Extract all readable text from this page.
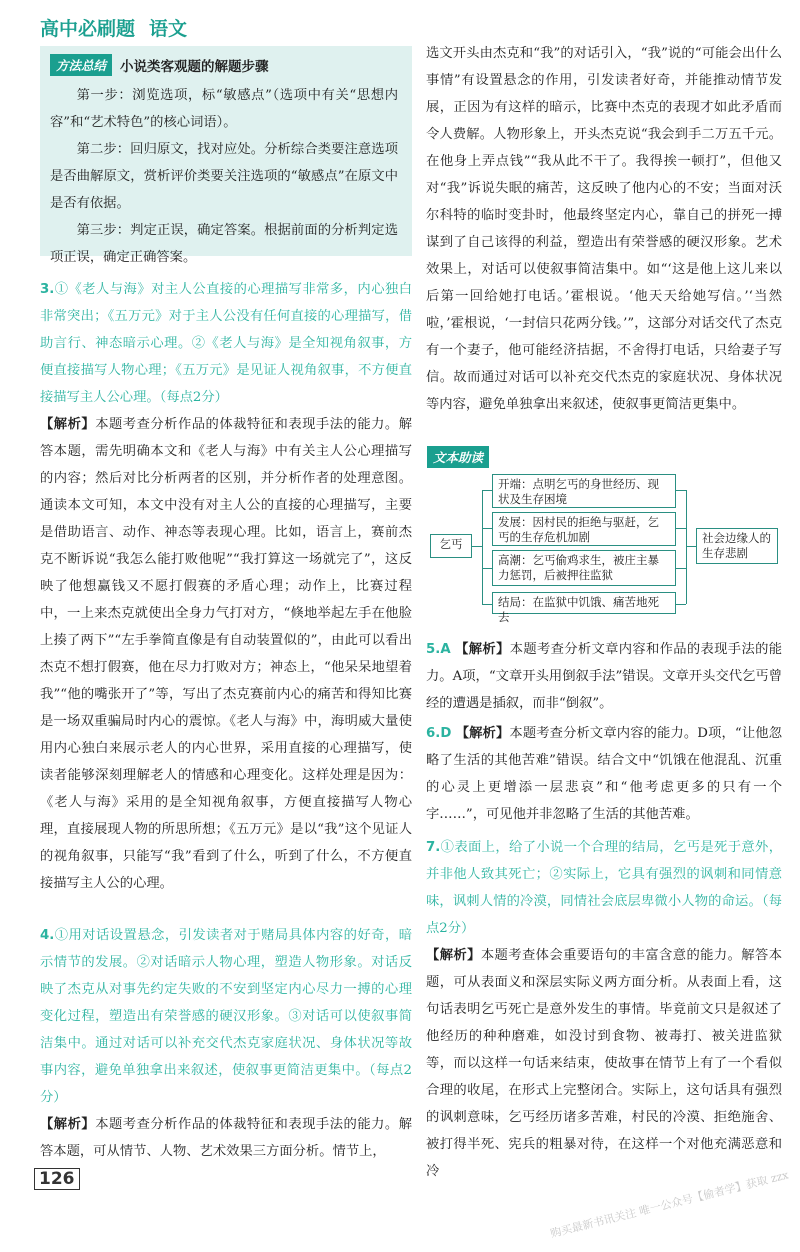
高中必刷题 语文
方法总结	小说类客观题的解题步骤

第一步：浏览选项，标“敏感点”（选项中有关“思想内容”和“艺术特色”的核心词语）。

第二步：回归原文，找对应处。分析综合类要注意选项是否曲解原文，赏析评价类要关注选项的“敏感点”在原文中是否有依据。

第三步：判定正误，确定答案。根据前面的分析判定选项正误，确定正确答案。

3.①《老人与海》对主人公直接的心理描写非常多，内心独白非常突出；《五万元》对于主人公没有任何直接的心理描写，借助言行、神态暗示心理。②《老人与海》是全知视角叙事，方便直接描写人物心理；《五万元》是见证人视角叙事，不方便直接描写主人公心理。（每点2分）

【解析】本题考查分析作品的体裁特征和表现手法的能力。解答本题，需先明确本文和《老人与海》中有关主人公心理描写的内容；然后对比分析两者的区别，并分析作者的处理意图。通读本文可知，本文中没有对主人公的直接的心理描写，主要是借助语言、动作、神态等表现心理。比如，语言上，赛前杰克不断诉说“我怎么能打败他呢”“我打算这一场就完了”，这反映了他想赢钱又不愿打假赛的矛盾心理；动作上，比赛过程中，一上来杰克就使出全身力气打对方，“倏地举起左手在他脸上揍了两下”“左手拳简直像是有自动装置似的”，由此可以看出杰克不想打假赛，他在尽力打败对方；神态上，“他呆呆地望着我”“他的嘴张开了”等，写出了杰克赛前内心的痛苦和得知比赛是一场双重骗局时内心的震惊。《老人与海》中，海明威大量使用内心独白来展示老人的内心世界，采用直接的心理描写，使读者能够深刻理解老人的情感和心理变化。这样处理是因为：《老人与海》采用的是全知视角叙事，方便直接描写人物心理，直接展现人物的所思所想；《五万元》是以“我”这个见证人的视角叙事，只能写“我”看到了什么，听到了什么，不方便直接描写主人公的心理。

4.①用对话设置悬念，引发读者对于赌局具体内容的好奇，暗示情节的发展。②对话暗示人物心理，塑造人物形象。对话反映了杰克从对事先约定失败的不安到坚定内心尽力一搏的心理变化过程，塑造出有荣誉感的硬汉形象。③对话可以使叙事简洁集中。通过对话可以补充交代杰克家庭状况、身体状况等故事内容，避免单独拿出来叙述，使叙事更简洁更集中。（每点2分）

【解析】本题考查分析作品的体裁特征和表现手法的能力。解答本题，可从情节、人物、艺术效果三方面分析。情节上，

选文开头由杰克和“我”的对话引入，“我”说的“可能会出什么事情”有设置悬念的作用，引发读者好奇，并能推动情节发展，正因为有这样的暗示，比赛中杰克的表现才如此矛盾而令人费解。人物形象上，开头杰克说“我会到手二万五千元。在他身上弄点钱”“我从此不干了。我得挨一顿打”，但他又对“我”诉说失眠的痛苦，这反映了他内心的不安；当面对沃尔科特的临时变卦时，他最终坚定内心，靠自己的拼死一搏谋到了自己该得的利益，塑造出有荣誉感的硬汉形象。艺术效果上，对话可以使叙事简洁集中。如“‘这是他上这儿来以后第一回给她打电话。’霍根说。‘他天天给她写信。’‘当然啦，’霍根说，‘一封信只花两分钱。’”，这部分对话交代了杰克有一个妻子，他可能经济拮据，不舍得打电话，只给妻子写信。故而通过对话可以补充交代杰克的家庭状况、身体状况等内容，避免单独拿出来叙述，使叙事更简洁更集中。

文本助读
乞丐
开端：点明乞丐的身世经历、现状及生存困境
发展：因村民的拒绝与驱赶，乞丐的生存危机加剧
高潮：乞丐偷鸡求生，被庄主暴力惩罚，后被押往监狱
结局：在监狱中饥饿、痛苦地死去
社会边缘人的生存悲剧

5.A 【解析】本题考查分析文章内容和作品的表现手法的能力。A项，“文章开头用倒叙手法”错误。文章开头交代乞丐曾经的遭遇是插叙，而非“倒叙”。

6.D 【解析】本题考查分析文章内容的能力。D项，“让他忽略了生活的其他苦难”错误。结合文中“饥饿在他混乱、沉重的心灵上更增添一层悲哀”和“他考虑更多的只有一个字……”，可见他并非忽略了生活的其他苦难。

7.①表面上，给了小说一个合理的结局，乞丐是死于意外，并非他人致其死亡；②实际上，它具有强烈的讽刺和同情意味，讽刺人情的冷漠，同情社会底层卑微小人物的命运。（每点2分）

【解析】本题考查体会重要语句的丰富含意的能力。解答本题，可从表面义和深层实际义两方面分析。从表面上看，这句话表明乞丐死亡是意外发生的事情。毕竟前文只是叙述了他经历的种种磨难，如没讨到食物、被毒打、被关进监狱等，而以这样一句话来结束，使故事在情节上有了一个看似合理的收尾，在形式上完整闭合。实际上，这句话具有强烈的讽刺意味，乞丐经历诸多苦难，村民的冷漠、拒绝施舍、被打得半死、宪兵的粗暴对待，在这样一个对他充满恶意和冷

126	购买最新书讯关注 唯一公众号【偷者学】获取 zzx
